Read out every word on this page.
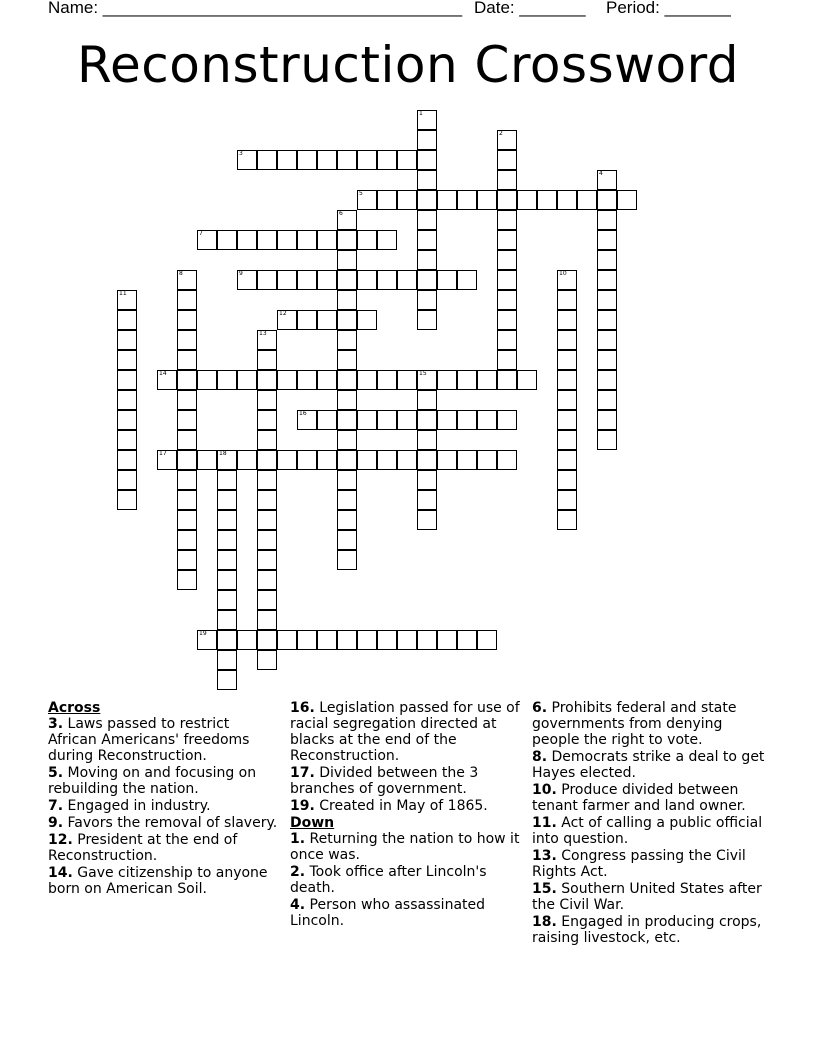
Name: ______________________________________ Date: _______ Period: _______
Reconstruction Crossword
1
2
3
4
5
6
7
8	9	10
11
12
13
14	15
16
17	18
19
Across
3. Laws passed to restrict African Americans' freedoms during Reconstruction.
5. Moving on and focusing on rebuilding the nation.
7. Engaged in industry.
9. Favors the removal of slavery.
12. President at the end of Reconstruction.
14. Gave citizenship to anyone born on American Soil.
16. Legislation passed for use of racial segregation directed at blacks at the end of the Reconstruction.
17. Divided between the 3 branches of government.
19. Created in May of 1865.
Down
1. Returning the nation to how it once was.
2. Took office after Lincoln's death.
4. Person who assassinated Lincoln.
6. Prohibits federal and state governments from denying people the right to vote.
8. Democrats strike a deal to get Hayes elected.
10. Produce divided between tenant farmer and land owner.
11. Act of calling a public official into question.
13. Congress passing the Civil Rights Act.
15. Southern United States after the Civil War.
18. Engaged in producing crops, raising livestock, etc.
